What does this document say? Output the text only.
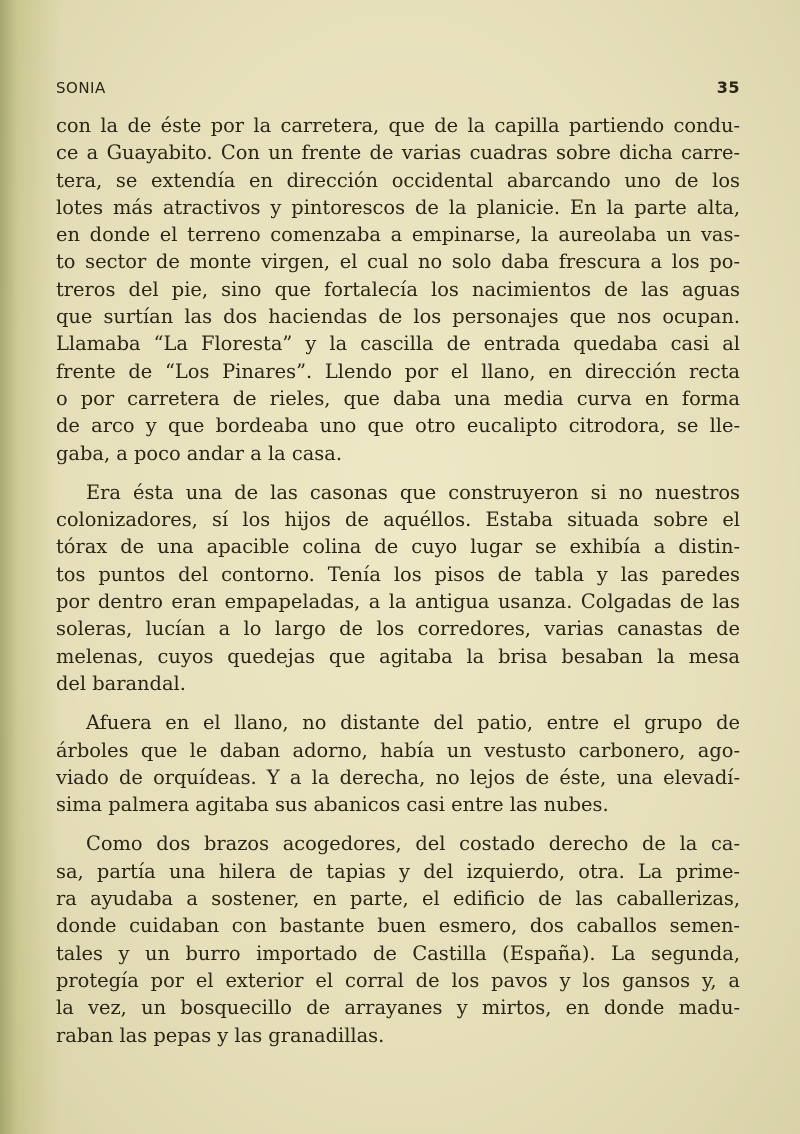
SONIA	35
con la de éste por la carretera, que de la capilla partiendo condu-
ce a Guayabito. Con un frente de varias cuadras sobre dicha carre-
tera, se extendía en dirección occidental abarcando uno de los
lotes más atractivos y pintorescos de la planicie. En la parte alta,
en donde el terreno comenzaba a empinarse, la aureolaba un vas-
to sector de monte virgen, el cual no solo daba frescura a los po-
treros del pie, sino que fortalecía los nacimientos de las aguas
que surtían las dos haciendas de los personajes que nos ocupan.
Llamaba “La Floresta” y la cascilla de entrada quedaba casi al
frente de “Los Pinares”. Llendo por el llano, en dirección recta
o por carretera de rieles, que daba una media curva en forma
de arco y que bordeaba uno que otro eucalipto citrodora, se lle-
gaba, a poco andar a la casa.
Era ésta una de las casonas que construyeron si no nuestros
colonizadores, sí los hijos de aquéllos. Estaba situada sobre el
tórax de una apacible colina de cuyo lugar se exhibía a distin-
tos puntos del contorno. Tenía los pisos de tabla y las paredes
por dentro eran empapeladas, a la antigua usanza. Colgadas de las
soleras, lucían a lo largo de los corredores, varias canastas de
melenas, cuyos quedejas que agitaba la brisa besaban la mesa
del barandal.
Afuera en el llano, no distante del patio, entre el grupo de
árboles que le daban adorno, había un vestusto carbonero, ago-
viado de orquídeas. Y a la derecha, no lejos de éste, una elevadí-
sima palmera agitaba sus abanicos casi entre las nubes.
Como dos brazos acogedores, del costado derecho de la ca-
sa, partía una hilera de tapias y del izquierdo, otra. La prime-
ra ayudaba a sostener, en parte, el edificio de las caballerizas,
donde cuidaban con bastante buen esmero, dos caballos semen-
tales y un burro importado de Castilla (España). La segunda,
protegía por el exterior el corral de los pavos y los gansos y, a
la vez, un bosquecillo de arrayanes y mirtos, en donde madu-
raban las pepas y las granadillas.
